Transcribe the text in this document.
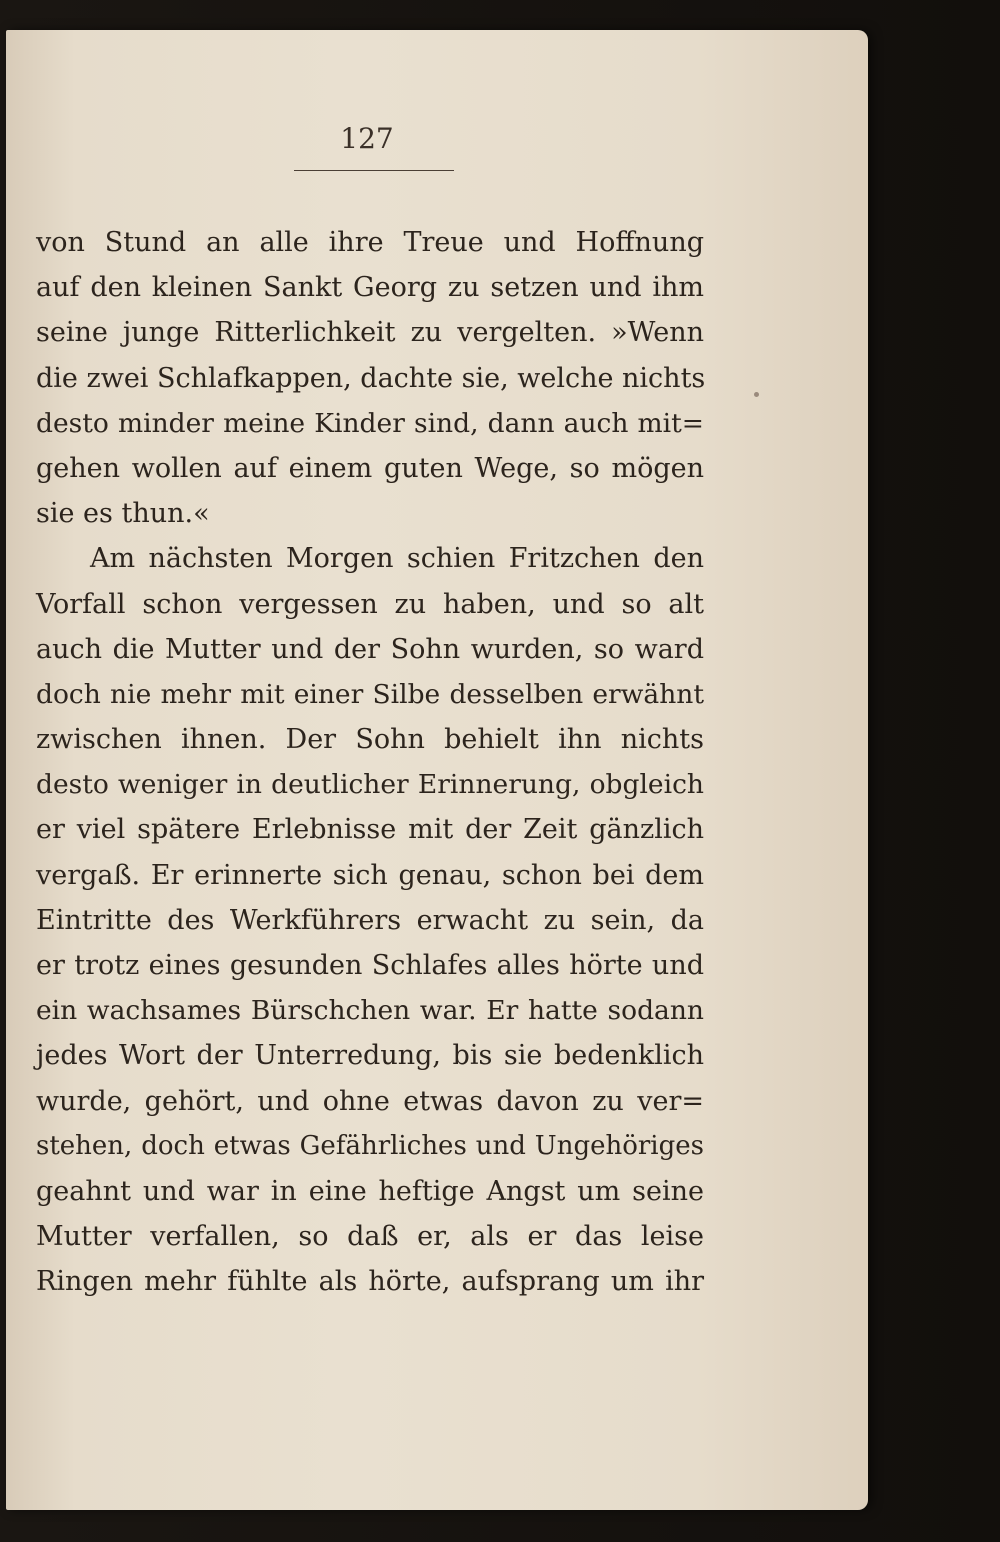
127
von Stund an alle ihre Treue und Hoffnung
auf den kleinen Sankt Georg zu setzen und ihm
seine junge Ritterlichkeit zu vergelten. »Wenn
die zwei Schlafkappen, dachte sie, welche nichts
desto minder meine Kinder sind, dann auch mit=
gehen wollen auf einem guten Wege, so mögen
sie es thun.«
Am nächsten Morgen schien Fritzchen den
Vorfall schon vergessen zu haben, und so alt
auch die Mutter und der Sohn wurden, so ward
doch nie mehr mit einer Silbe desselben erwähnt
zwischen ihnen. Der Sohn behielt ihn nichts
desto weniger in deutlicher Erinnerung, obgleich
er viel spätere Erlebnisse mit der Zeit gänzlich
vergaß. Er erinnerte sich genau, schon bei dem
Eintritte des Werkführers erwacht zu sein, da
er trotz eines gesunden Schlafes alles hörte und
ein wachsames Bürschchen war. Er hatte sodann
jedes Wort der Unterredung, bis sie bedenklich
wurde, gehört, und ohne etwas davon zu ver=
stehen, doch etwas Gefährliches und Ungehöriges
geahnt und war in eine heftige Angst um seine
Mutter verfallen, so daß er, als er das leise
Ringen mehr fühlte als hörte, aufsprang um ihr
